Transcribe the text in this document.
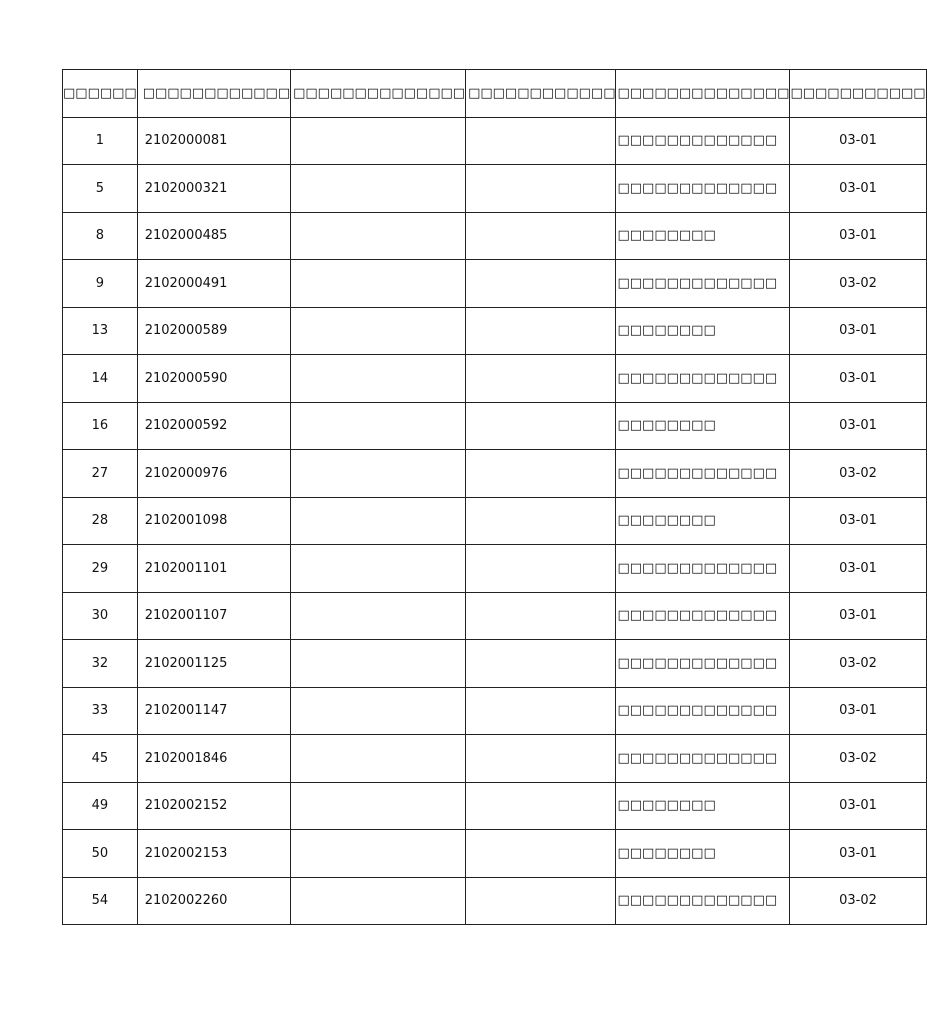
□□□□□□	□□□□□□□□□□□□	□□□□□□□□□□□□□□	□□□□□□□□□□□□	□□□□□□□□□□□□□□	□□□□□□□□□□□
1	2102000081			□□□□□□□□□□□□□	03-01
5	2102000321			□□□□□□□□□□□□□	03-01
8	2102000485			□□□□□□□□	03-01
9	2102000491			□□□□□□□□□□□□□	03-02
13	2102000589			□□□□□□□□	03-01
14	2102000590			□□□□□□□□□□□□□	03-01
16	2102000592			□□□□□□□□	03-01
27	2102000976			□□□□□□□□□□□□□	03-02
28	2102001098			□□□□□□□□	03-01
29	2102001101			□□□□□□□□□□□□□	03-01
30	2102001107			□□□□□□□□□□□□□	03-01
32	2102001125			□□□□□□□□□□□□□	03-02
33	2102001147			□□□□□□□□□□□□□	03-01
45	2102001846			□□□□□□□□□□□□□	03-02
49	2102002152			□□□□□□□□	03-01
50	2102002153			□□□□□□□□	03-01
54	2102002260			□□□□□□□□□□□□□	03-02
